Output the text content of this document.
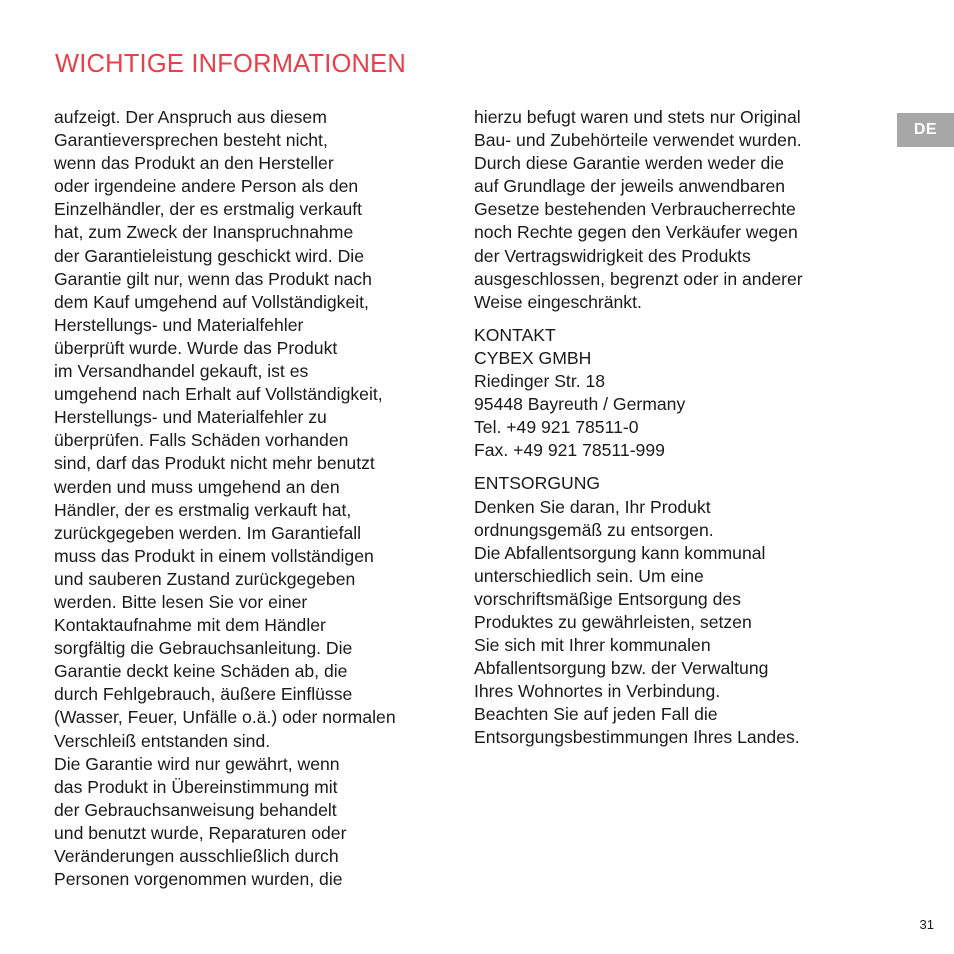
WICHTIGE INFORMATIONEN
DE
aufzeigt. Der Anspruch aus diesem
Garantieversprechen besteht nicht,
wenn das Produkt an den Hersteller
oder irgendeine andere Person als den
Einzelhändler, der es erstmalig verkauft
hat, zum Zweck der Inanspruchnahme
der Garantieleistung geschickt wird. Die
Garantie gilt nur, wenn das Produkt nach
dem Kauf umgehend auf Vollständigkeit,
Herstellungs- und Materialfehler
überprüft wurde. Wurde das Produkt
im Versandhandel gekauft, ist es
umgehend nach Erhalt auf Vollständigkeit,
Herstellungs- und Materialfehler zu
überprüfen. Falls Schäden vorhanden
sind, darf das Produkt nicht mehr benutzt
werden und muss umgehend an den
Händler, der es erstmalig verkauft hat,
zurückgegeben werden. Im Garantiefall
muss das Produkt in einem vollständigen
und sauberen Zustand zurückgegeben
werden. Bitte lesen Sie vor einer
Kontaktaufnahme mit dem Händler
sorgfältig die Gebrauchsanleitung. Die
Garantie deckt keine Schäden ab, die
durch Fehlgebrauch, äußere Einflüsse
(Wasser, Feuer, Unfälle o.ä.) oder normalen
Verschleiß entstanden sind.
Die Garantie wird nur gewährt, wenn
das Produkt in Übereinstimmung mit
der Gebrauchsanweisung behandelt
und benutzt wurde, Reparaturen oder
Veränderungen ausschließlich durch
Personen vorgenommen wurden, die
hierzu befugt waren und stets nur Original
Bau- und Zubehörteile verwendet wurden.
Durch diese Garantie werden weder die
auf Grundlage der jeweils anwendbaren
Gesetze bestehenden Verbraucherrechte
noch Rechte gegen den Verkäufer wegen
der Vertragswidrigkeit des Produkts
ausgeschlossen, begrenzt oder in anderer
Weise eingeschränkt.
KONTAKT
CYBEX GMBH
Riedinger Str. 18
95448 Bayreuth / Germany
Tel. +49 921 78511-0
Fax. +49 921 78511-999
ENTSORGUNG
Denken Sie daran, Ihr Produkt
ordnungsgemäß zu entsorgen.
Die Abfallentsorgung kann kommunal
unterschiedlich sein. Um eine
vorschriftsmäßige Entsorgung des
Produktes zu gewährleisten, setzen
Sie sich mit Ihrer kommunalen
Abfallentsorgung bzw. der Verwaltung
Ihres Wohnortes in Verbindung.
Beachten Sie auf jeden Fall die
Entsorgungsbestimmungen Ihres Landes.
31
